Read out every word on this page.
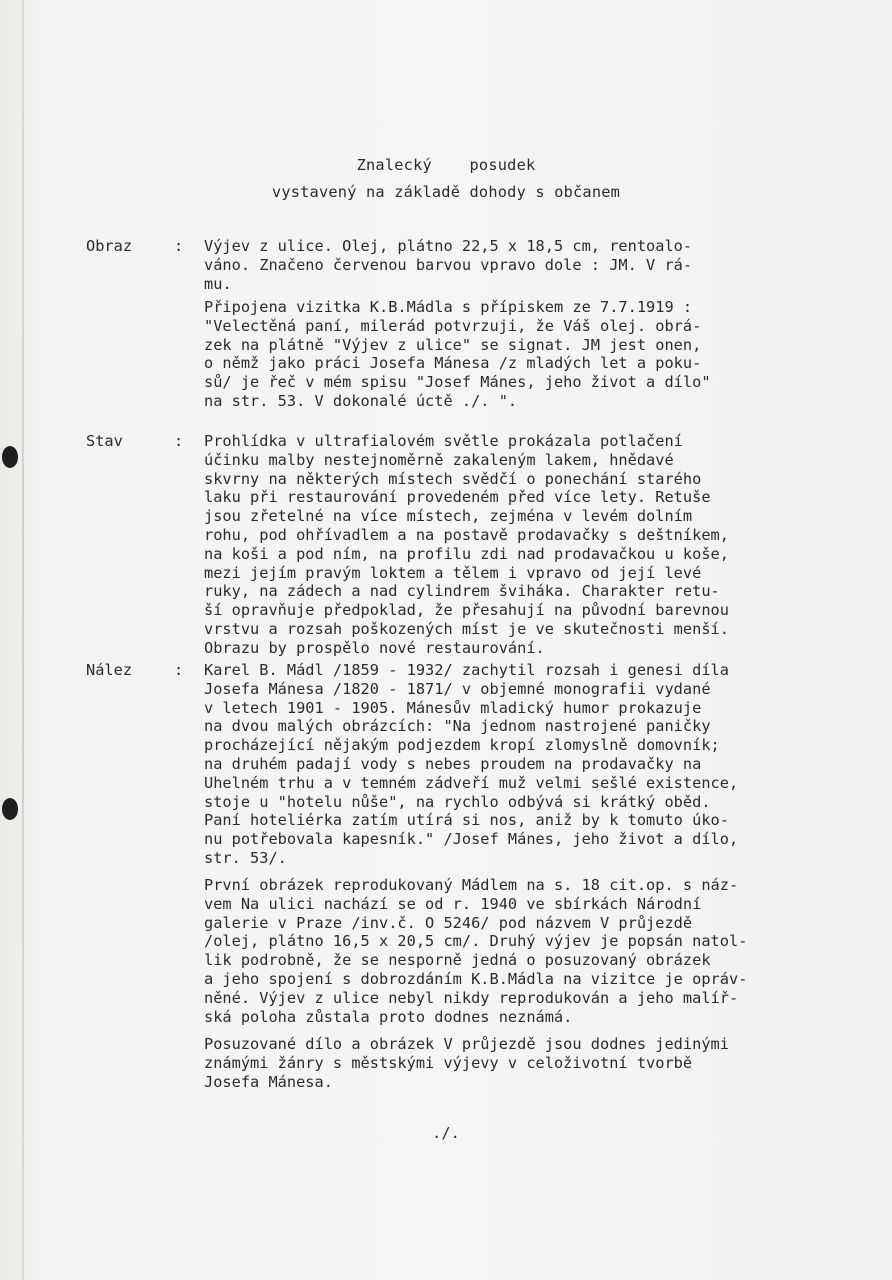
Znalecký    posudek
vystavený na základě dohody s občanem
Obraz	: Výjev z ulice. Olej, plátno 22,5 x 18,5 cm, rentoalo-
váno. Značeno červenou barvou vpravo dole : JM. V rá-
mu.
Připojena vizitka K.B.Mádla s přípiskem ze 7.7.1919 :
"Velectěná paní, milerád potvrzuji, že Váš olej. obrá-
zek na plátně "Výjev z ulice" se signat. JM jest onen,
o němž jako práci Josefa Mánesa /z mladých let a poku-
sů/ je řeč v mém spisu "Josef Mánes, jeho život a dílo"
na str. 53. V dokonalé úctě ./. ".
Stav	: Prohlídka v ultrafialovém světle prokázala potlačení
účinku malby nestejnoměrně zakaleným lakem, hnědavé
skvrny na některých místech svědčí o ponechání starého
laku při restaurování provedeném před více lety. Retuše
jsou zřetelné na více místech, zejména v levém dolním
rohu, pod ohřívadlem a na postavě prodavačky s deštníkem,
na koši a pod ním, na profilu zdi nad prodavačkou u koše,
mezi jejím pravým loktem a tělem i vpravo od její levé
ruky, na zádech a nad cylindrem šviháka. Charakter retu-
ší opravňuje předpoklad, že přesahují na původní barevnou
vrstvu a rozsah poškozených míst je ve skutečnosti menší.
Obrazu by prospělo nové restaurování.
Nález	: Karel B. Mádl /1859 - 1932/ zachytil rozsah i genesi díla
Josefa Mánesa /1820 - 1871/ v objemné monografii vydané
v letech 1901 - 1905. Mánesův mladický humor prokazuje
na dvou malých obrázcích: "Na jednom nastrojené paničky
procházející nějakým podjezdem kropí zlomyslně domovník;
na druhém padají vody s nebes proudem na prodavačky na
Uhelném trhu a v temném zádveří muž velmi sešlé existence,
stoje u "hotelu nůše", na rychlo odbývá si krátký oběd.
Paní hoteliérka zatím utírá si nos, aniž by k tomuto úko-
nu potřebovala kapesník." /Josef Mánes, jeho život a dílo,
str. 53/.
První obrázek reprodukovaný Mádlem na s. 18 cit.op. s náz-
vem Na ulici nachází se od r. 1940 ve sbírkách Národní
galerie v Praze /inv.č. O 5246/ pod názvem V průjezdě
/olej, plátno 16,5 x 20,5 cm/. Druhý výjev je popsán natol-
lik podrobně, že se nesporně jedná o posuzovaný obrázek
a jeho spojení s dobrozdáním K.B.Mádla na vizitce je opráv-
něné. Výjev z ulice nebyl nikdy reprodukován a jeho malíř-
ská poloha zůstala proto dodnes neznámá.
Posuzované dílo a obrázek V průjezdě jsou dodnes jedinými
známými žánry s městskými výjevy v celoživotní tvorbě
Josefa Mánesa.
./.
